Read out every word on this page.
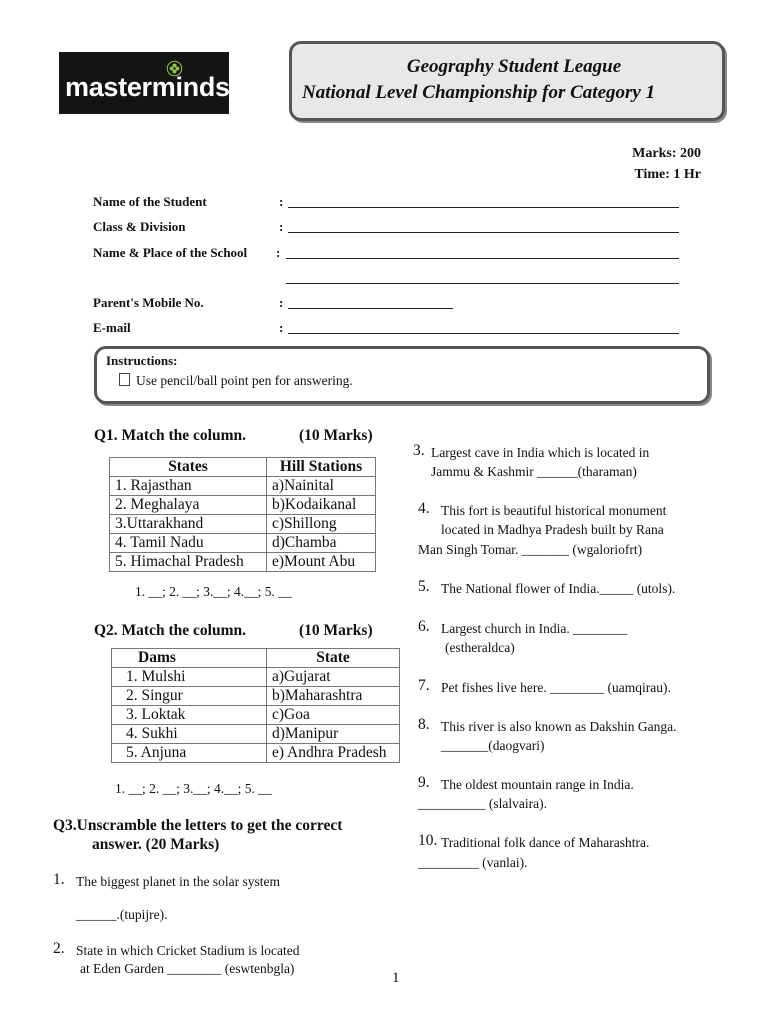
masterminds
Geography Student League
National Level Championship for Category 1
Marks: 200
Time: 1 Hr
Name of the Student	:
Class & Division	:
Name & Place of the School :
Parent's Mobile No.	:
E-mail	:
Instructions:
Use pencil/ball point pen for answering.
Q1. Match the column.	(10 Marks)
States	Hill Stations
1. Rajasthan	a)Nainital
2. Meghalaya	b)Kodaikanal
3.Uttarakhand	c)Shillong
4. Tamil Nadu	d)Chamba
5. Himachal Pradesh	e)Mount Abu
1. __; 2. __; 3.__; 4.__; 5. __
Q2. Match the column.	(10 Marks)
Dams	State
1. Mulshi	a)Gujarat
2. Singur	b)Maharashtra
3. Loktak	c)Goa
4. Sukhi	d)Manipur
5. Anjuna	e) Andhra Pradesh
1. __; 2. __; 3.__; 4.__; 5. __
Q3.Unscramble the letters to get the correct
answer. (20 Marks)
1. The biggest planet in the solar system
______.(tupijre).
2. State in which Cricket Stadium is located
at Eden Garden ________ (eswtenbgla)
3. Largest cave in India which is located in
Jammu & Kashmir ______(tharaman)
4. This fort is beautiful historical monument
located in Madhya Pradesh built by Rana
Man Singh Tomar. _______ (wgaloriofrt)
5. The National flower of India._____ (utols).
6. Largest church in India. ________
(estheraldca)
7. Pet fishes live here. ________ (uamqirau).
8. This river is also known as Dakshin Ganga.
_______(daogvari)
9. The oldest mountain range in India.
__________ (slalvaira).
10. Traditional folk dance of Maharashtra.
_________ (vanlai).
1
